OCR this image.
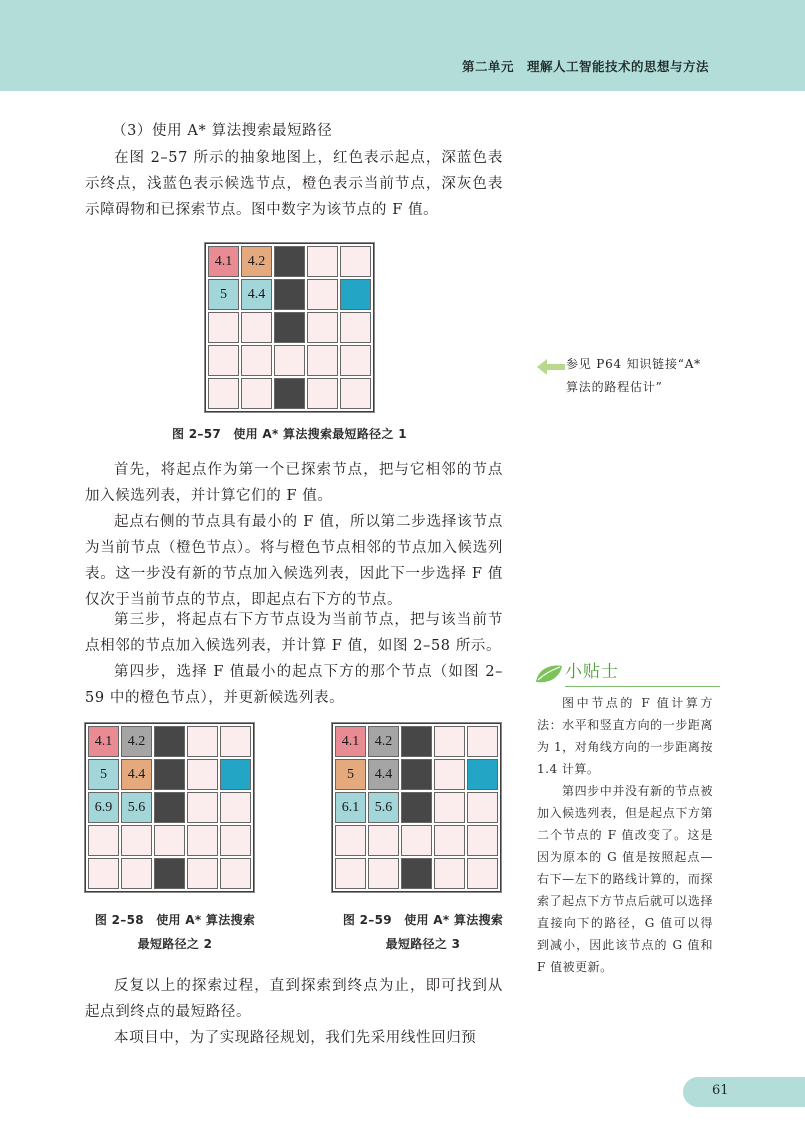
第二单元　理解人工智能技术的思想与方法
（3）使用 A* 算法搜索最短路径

在图 2–57 所示的抽象地图上，红色表示起点，深蓝色表示终点，浅蓝色表示候选节点，橙色表示当前节点，深灰色表示障碍物和已探索节点。图中数字为该节点的 F 值。

4.1	4.2
5	4.4
图 2–57　使用 A* 算法搜索最短路径之 1
参见 P64 知识链接“A*
算法的路程估计”

首先，将起点作为第一个已探索节点，把与它相邻的节点加入候选列表，并计算它们的 F 值。

起点右侧的节点具有最小的 F 值，所以第二步选择该节点为当前节点（橙色节点）。将与橙色节点相邻的节点加入候选列表。这一步没有新的节点加入候选列表，因此下一步选择 F 值仅次于当前节点的节点，即起点右下方的节点。

第三步，将起点右下方节点设为当前节点，把与该当前节点相邻的节点加入候选列表，并计算 F 值，如图 2–58 所示。

第四步，选择 F 值最小的起点下方的那个节点（如图 2–59 中的橙色节点），并更新候选列表。

4.1	4.2
5	4.4
6.9	5.6
图 2–58　使用 A* 算法搜索
最短路径之 2
4.1	4.2
5	4.4
6.1	5.6
图 2–59　使用 A* 算法搜索
最短路径之 3

反复以上的探索过程，直到探索到终点为止，即可找到从起点到终点的最短路径。

本项目中，为了实现路径规划，我们先采用线性回归预

小贴士

图中节点的 F 值计算方法：水平和竖直方向的一步距离为 1，对角线方向的一步距离按 1.4 计算。

第四步中并没有新的节点被加入候选列表，但是起点下方第二个节点的 F 值改变了。这是因为原本的 G 值是按照起点—右下—左下的路线计算的，而探索了起点下方节点后就可以选择直接向下的路径，G 值可以得到减小，因此该节点的 G 值和 F 值被更新。

61
